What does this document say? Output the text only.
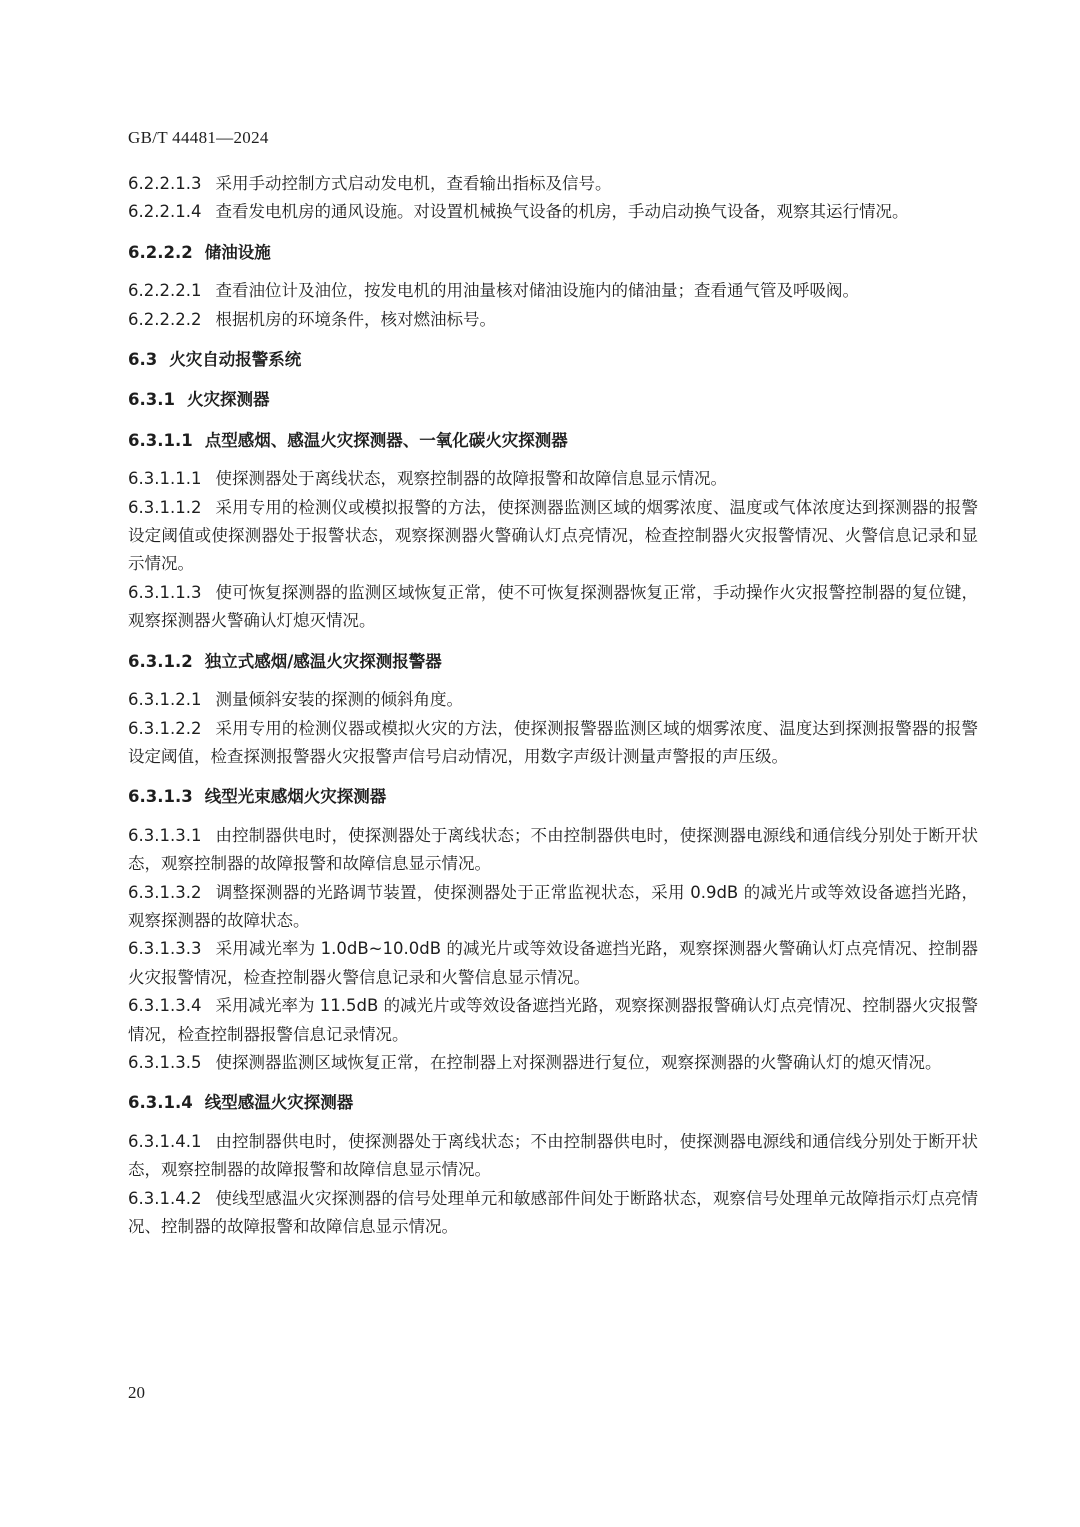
GB/T 44481—2024
6.2.2.1.3 采用手动控制方式启动发电机，查看输出指标及信号。
6.2.2.1.4 查看发电机房的通风设施。对设置机械换气设备的机房，手动启动换气设备，观察其运行情况。
6.2.2.2 储油设施
6.2.2.2.1 查看油位计及油位，按发电机的用油量核对储油设施内的储油量；查看通气管及呼吸阀。
6.2.2.2.2 根据机房的环境条件，核对燃油标号。
6.3 火灾自动报警系统
6.3.1 火灾探测器
6.3.1.1 点型感烟、感温火灾探测器、一氧化碳火灾探测器
6.3.1.1.1 使探测器处于离线状态，观察控制器的故障报警和故障信息显示情况。
6.3.1.1.2 采用专用的检测仪或模拟报警的方法，使探测器监测区域的烟雾浓度、温度或气体浓度达到探测器的报警设定阈值或使探测器处于报警状态，观察探测器火警确认灯点亮情况，检查控制器火灾报警情况、火警信息记录和显示情况。
6.3.1.1.3 使可恢复探测器的监测区域恢复正常，使不可恢复探测器恢复正常，手动操作火灾报警控制器的复位键，观察探测器火警确认灯熄灭情况。
6.3.1.2 独立式感烟/感温火灾探测报警器
6.3.1.2.1 测量倾斜安装的探测的倾斜角度。
6.3.1.2.2 采用专用的检测仪器或模拟火灾的方法，使探测报警器监测区域的烟雾浓度、温度达到探测报警器的报警设定阈值，检查探测报警器火灾报警声信号启动情况，用数字声级计测量声警报的声压级。
6.3.1.3 线型光束感烟火灾探测器
6.3.1.3.1 由控制器供电时，使探测器处于离线状态；不由控制器供电时，使探测器电源线和通信线分别处于断开状态，观察控制器的故障报警和故障信息显示情况。
6.3.1.3.2 调整探测器的光路调节装置，使探测器处于正常监视状态，采用 0.9dB 的减光片或等效设备遮挡光路，观察探测器的故障状态。
6.3.1.3.3 采用减光率为 1.0dB~10.0dB 的减光片或等效设备遮挡光路，观察探测器火警确认灯点亮情况、控制器火灾报警情况，检查控制器火警信息记录和火警信息显示情况。
6.3.1.3.4 采用减光率为 11.5dB 的减光片或等效设备遮挡光路，观察探测器报警确认灯点亮情况、控制器火灾报警情况，检查控制器报警信息记录情况。
6.3.1.3.5 使探测器监测区域恢复正常，在控制器上对探测器进行复位，观察探测器的火警确认灯的熄灭情况。
6.3.1.4 线型感温火灾探测器
6.3.1.4.1 由控制器供电时，使探测器处于离线状态；不由控制器供电时，使探测器电源线和通信线分别处于断开状态，观察控制器的故障报警和故障信息显示情况。
6.3.1.4.2 使线型感温火灾探测器的信号处理单元和敏感部件间处于断路状态，观察信号处理单元故障指示灯点亮情况、控制器的故障报警和故障信息显示情况。
20
